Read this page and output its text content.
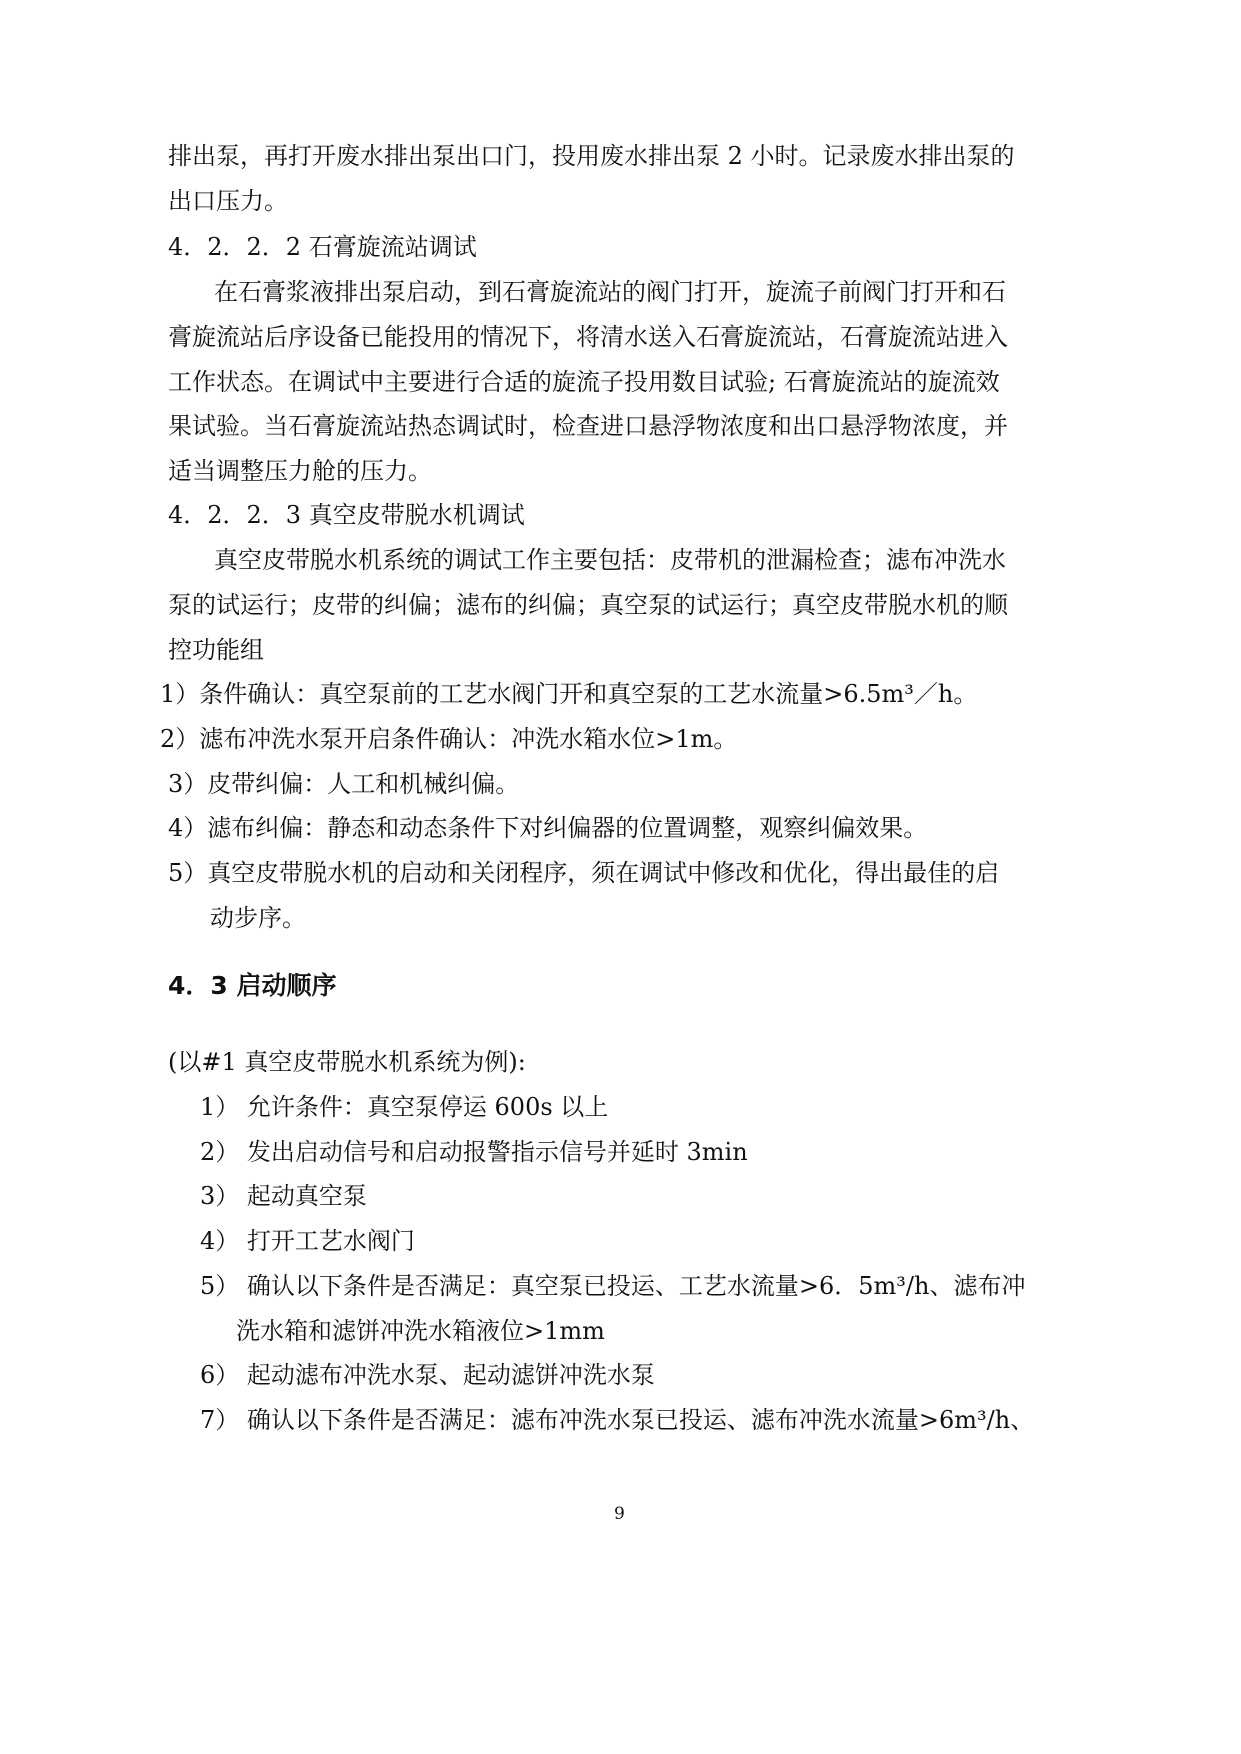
排出泵，再打开废水排出泵出口门，投用废水排出泵 2 小时。记录废水排出泵的
出口压力。
4．2．2．2 石膏旋流站调试
在石膏浆液排出泵启动，到石膏旋流站的阀门打开，旋流子前阀门打开和石
膏旋流站后序设备已能投用的情况下，将清水送入石膏旋流站，石膏旋流站进入
工作状态。在调试中主要进行合适的旋流子投用数目试验; 石膏旋流站的旋流效
果试验。当石膏旋流站热态调试时，检查进口悬浮物浓度和出口悬浮物浓度，并
适当调整压力舱的压力。
4．2．2．3 真空皮带脱水机调试
真空皮带脱水机系统的调试工作主要包括：皮带机的泄漏检查；滤布冲洗水
泵的试运行；皮带的纠偏；滤布的纠偏；真空泵的试运行；真空皮带脱水机的顺
控功能组
1）条件确认：真空泵前的工艺水阀门开和真空泵的工艺水流量>6.5m³／h。
2）滤布冲洗水泵开启条件确认：冲洗水箱水位>1m。
3）皮带纠偏：人工和机械纠偏。
4）滤布纠偏：静态和动态条件下对纠偏器的位置调整，观察纠偏效果。
5）真空皮带脱水机的启动和关闭程序，须在调试中修改和优化，得出最佳的启
动步序。
4．3 启动顺序
(以#1 真空皮带脱水机系统为例):
1） 允许条件：真空泵停运 600s 以上
2） 发出启动信号和启动报警指示信号并延时 3min
3） 起动真空泵
4） 打开工艺水阀门
5） 确认以下条件是否满足：真空泵已投运、工艺水流量>6．5m³/h、滤布冲
洗水箱和滤饼冲洗水箱液位>1mm
6） 起动滤布冲洗水泵、起动滤饼冲洗水泵
7） 确认以下条件是否满足：滤布冲洗水泵已投运、滤布冲洗水流量>6m³/h、
9
